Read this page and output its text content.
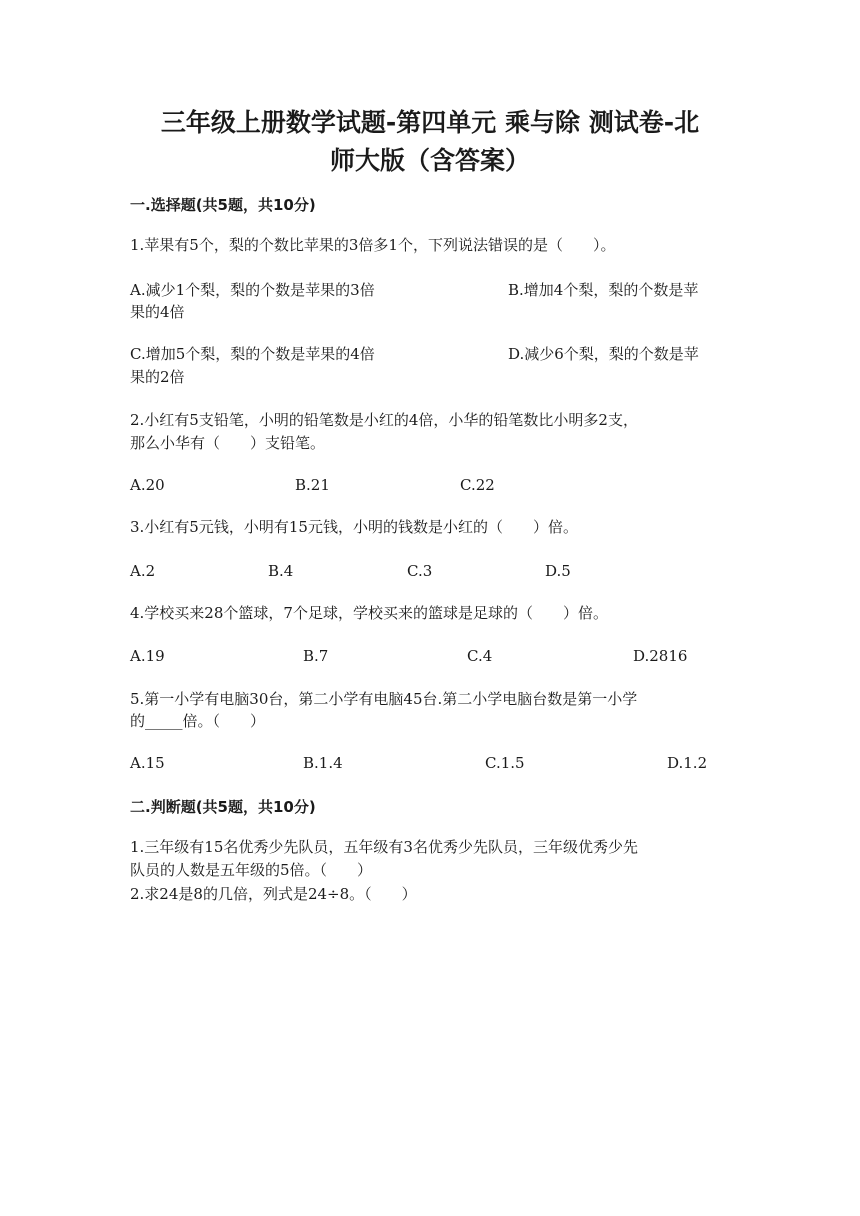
三年级上册数学试题-第四单元 乘与除 测试卷-北
师大版（含答案）
一.选择题(共5题，共10分)
1.苹果有5个，梨的个数比苹果的3倍多1个，下列说法错误的是（　　）。
A.减少1个梨，梨的个数是苹果的3倍	B.增加4个梨，梨的个数是苹
果的4倍
C.增加5个梨，梨的个数是苹果的4倍	D.减少6个梨，梨的个数是苹
果的2倍
2.小红有5支铅笔，小明的铅笔数是小红的4倍，小华的铅笔数比小明多2支，
那么小华有（　　）支铅笔。
A.20	B.21	C.22
3.小红有5元钱，小明有15元钱，小明的钱数是小红的（　　）倍。
A.2	B.4	C.3	D.5
4.学校买来28个篮球，7个足球，学校买来的篮球是足球的（　　）倍。
A.19	B.7	C.4	D.2816
5.第一小学有电脑30台，第二小学有电脑45台.第二小学电脑台数是第一小学
的_____倍。（　　）
A.15	B.1.4	C.1.5	D.1.2
二.判断题(共5题，共10分)
1.三年级有15名优秀少先队员，五年级有3名优秀少先队员，三年级优秀少先
队员的人数是五年级的5倍。（　　）
2.求24是8的几倍，列式是24÷8。（　　）
